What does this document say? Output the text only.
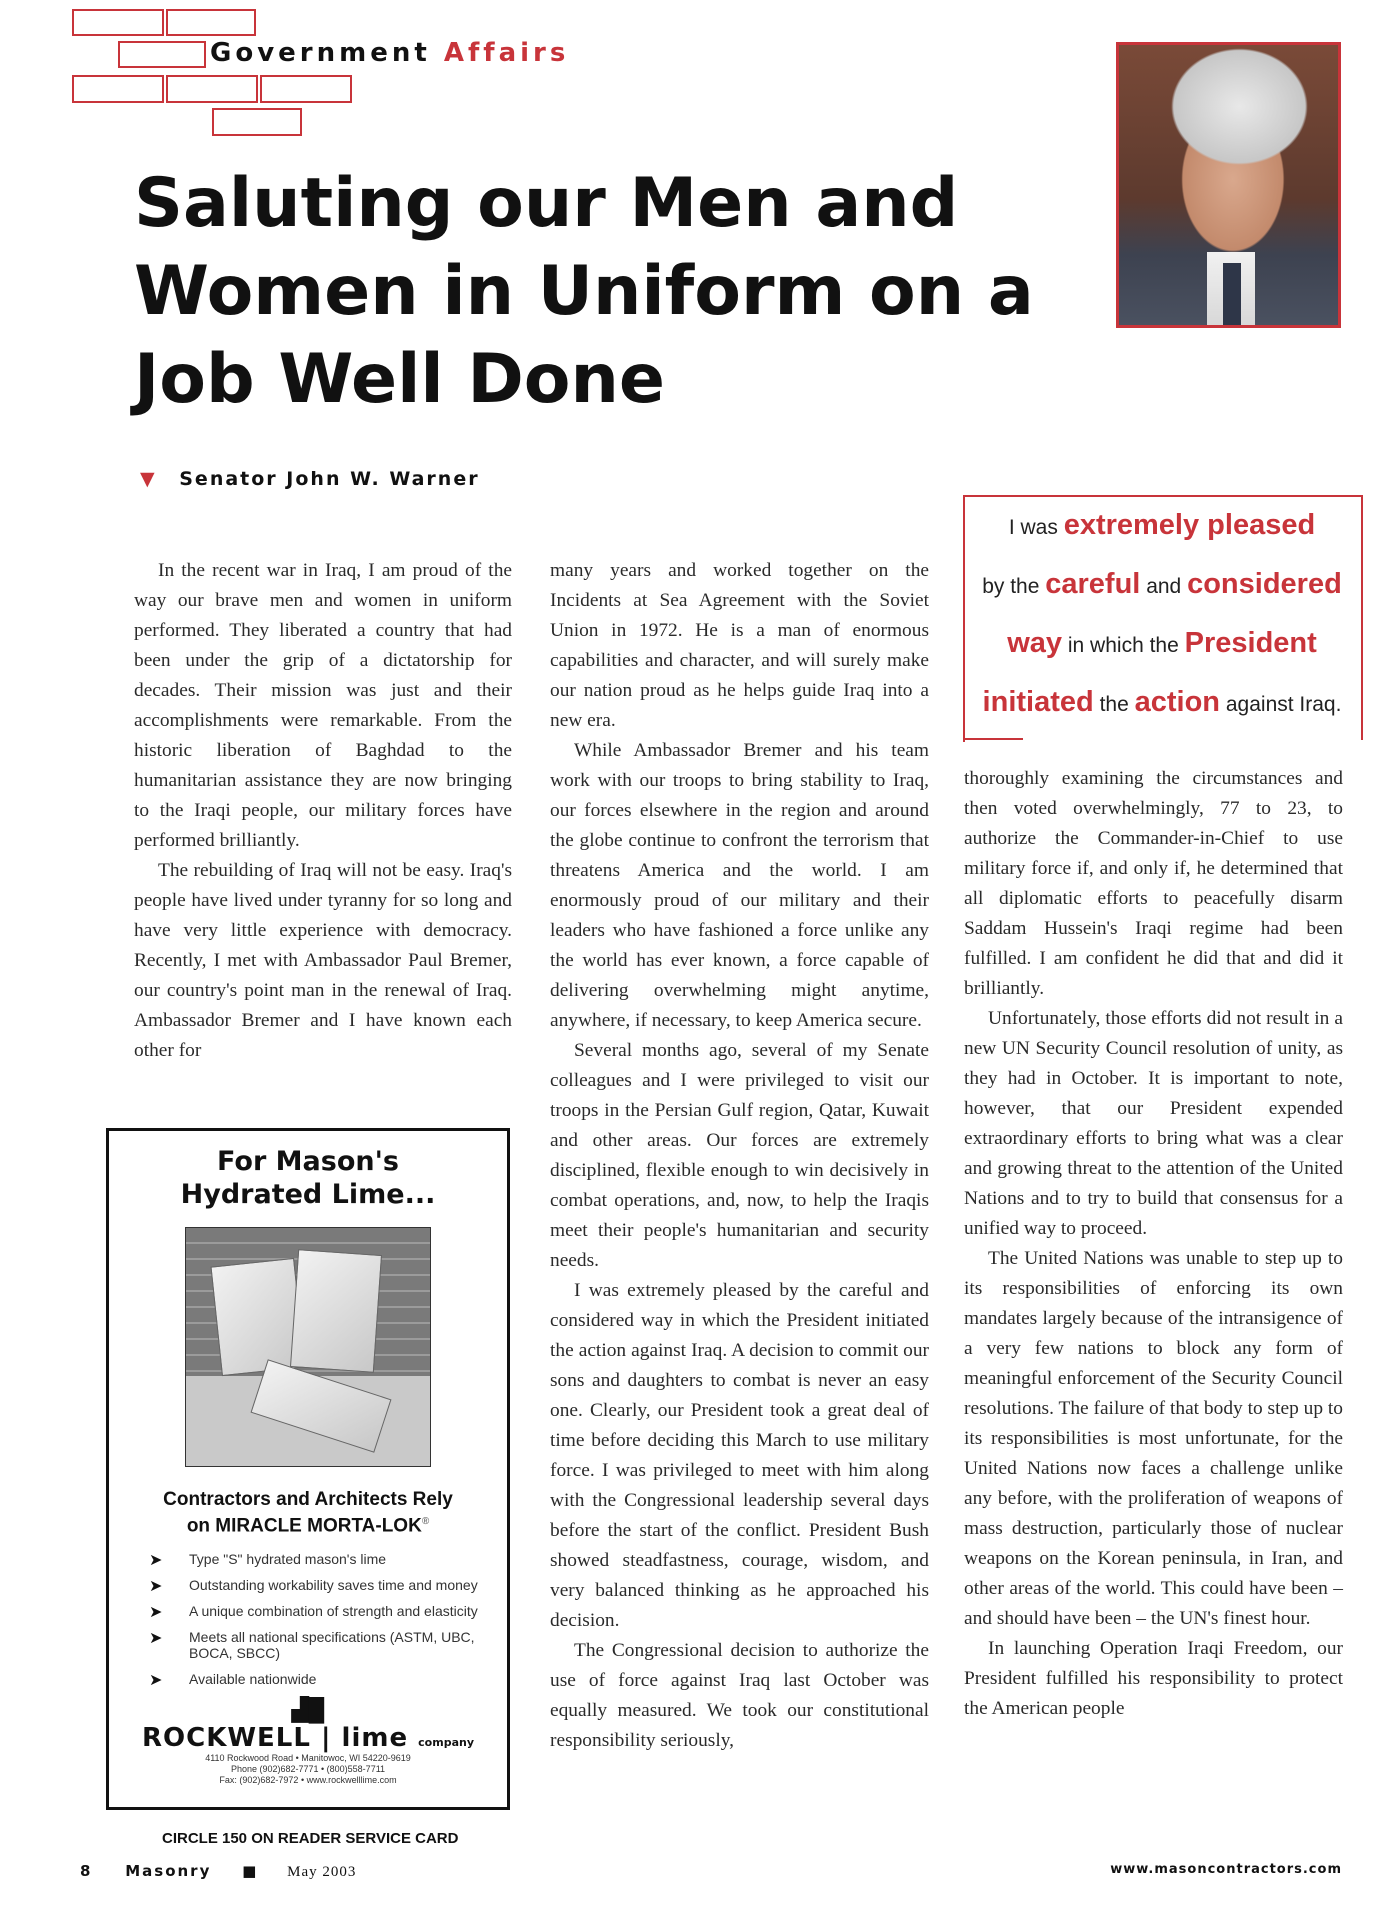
Government Affairs
Saluting our Men and Women in Uniform on a Job Well Done
▼ Senator John W. Warner

In the recent war in Iraq, I am proud of the way our brave men and women in uniform performed. They liberated a country that had been under the grip of a dictatorship for decades. Their mission was just and their accomplishments were remarkable. From the historic liberation of Baghdad to the humanitarian assistance they are now bringing to the Iraqi people, our military forces have performed brilliantly.

The rebuilding of Iraq will not be easy. Iraq's people have lived under tyranny for so long and have very little experience with democracy. Recently, I met with Ambassador Paul Bremer, our country's point man in the renewal of Iraq. Ambassador Bremer and I have known each other for

For Mason's
Hydrated Lime...
Contractors and Architects Rely
on MIRACLE MORTA-LOK®
➤ Type "S" hydrated mason's lime
➤ Outstanding workability saves time and money
➤ A unique combination of strength and elasticity
➤ Meets all national specifications (ASTM, UBC, BOCA, SBCC)
➤ Available nationwide
▟█
ROCKWELL | lime company
4110 Rockwood Road • Manitowoc, WI 54220-9619
Phone (902)682-7771 • (800)558-7711
Fax: (902)682-7972 • www.rockwelllime.com
CIRCLE 150 ON READER SERVICE CARD

many years and worked together on the Incidents at Sea Agreement with the Soviet Union in 1972. He is a man of enormous capabilities and character, and will surely make our nation proud as he helps guide Iraq into a new era.

While Ambassador Bremer and his team work with our troops to bring stability to Iraq, our forces elsewhere in the region and around the globe continue to confront the terrorism that threatens America and the world. I am enormously proud of our military and their leaders who have fashioned a force unlike any the world has ever known, a force capable of delivering overwhelming might anytime, anywhere, if necessary, to keep America secure.

Several months ago, several of my Senate colleagues and I were privileged to visit our troops in the Persian Gulf region, Qatar, Kuwait and other areas. Our forces are extremely disciplined, flexible enough to win decisively in combat operations, and, now, to help the Iraqis meet their people's humanitarian and security needs.

I was extremely pleased by the careful and considered way in which the President initiated the action against Iraq. A decision to commit our sons and daughters to combat is never an easy one. Clearly, our President took a great deal of time before deciding this March to use military force. I was privileged to meet with him along with the Congressional leadership several days before the start of the conflict. President Bush showed steadfastness, courage, wisdom, and very balanced thinking as he approached his decision.

The Congressional decision to authorize the use of force against Iraq last October was equally measured. We took our constitutional responsibility seriously,

I was extremely pleased
by the careful and considered
way in which the President
initiated the action against Iraq.

thoroughly examining the circumstances and then voted overwhelmingly, 77 to 23, to authorize the Commander-in-Chief to use military force if, and only if, he determined that all diplomatic efforts to peacefully disarm Saddam Hussein's Iraqi regime had been fulfilled. I am confident he did that and did it brilliantly.

Unfortunately, those efforts did not result in a new UN Security Council resolution of unity, as they had in October. It is important to note, however, that our President expended extraordinary efforts to bring what was a clear and growing threat to the attention of the United Nations and to try to build that consensus for a unified way to proceed.

The United Nations was unable to step up to its responsibilities of enforcing its own mandates largely because of the intransigence of a very few nations to block any form of meaningful enforcement of the Security Council resolutions. The failure of that body to step up to its responsibilities is most unfortunate, for the United Nations now faces a challenge unlike any before, with the proliferation of weapons of mass destruction, particularly those of nuclear weapons on the Korean peninsula, in Iran, and other areas of the world. This could have been – and should have been – the UN's finest hour.

In launching Operation Iraqi Freedom, our President fulfilled his responsibility to protect the American people

8 Masonry ■ May 2003	www.masoncontractors.com
